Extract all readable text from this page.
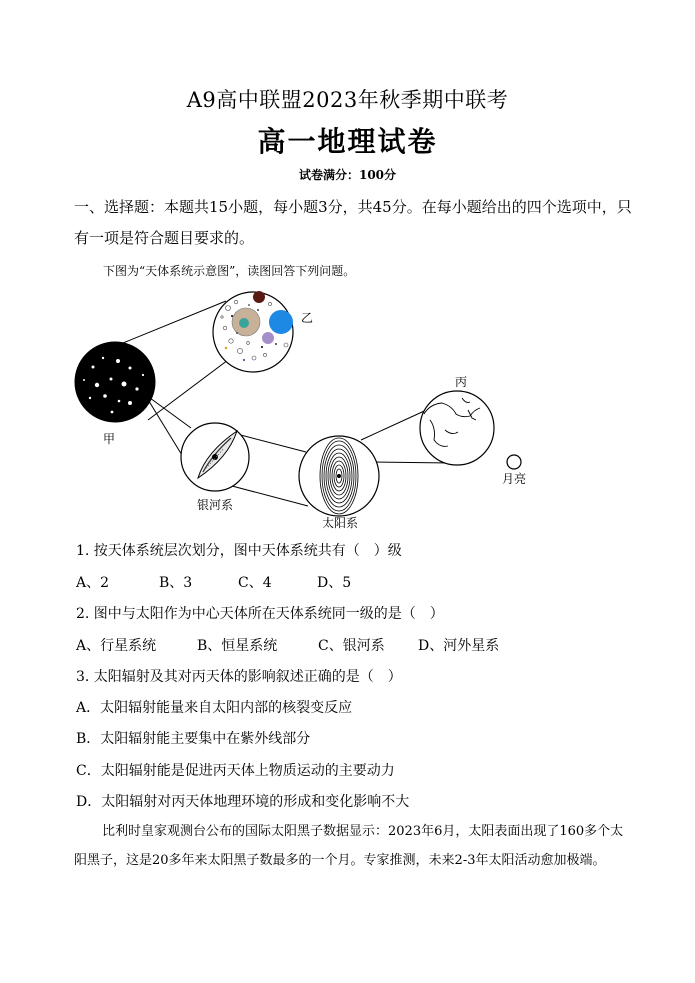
A9高中联盟2023年秋季期中联考
高一地理试卷
试卷满分：100分
一、选择题：本题共15小题，每小题3分，共45分。在每小题给出的四个选项中，只有一项是符合题目要求的。
下图为“天体系统示意图”，读图回答下列问题。
乙
甲
丙
银河系
太阳系
月亮
1. 按天体系统层次划分，图中天体系统共有（　）级
A、2	B、3	C、4	D、5
2. 图中与太阳作为中心天体所在天体系统同一级的是（　）
A、行星系统	B、恒星系统	C、银河系 D、河外星系
3. 太阳辐射及其对丙天体的影响叙述正确的是（　）
A．太阳辐射能量来自太阳内部的核裂变反应
B．太阳辐射能主要集中在紫外线部分
C．太阳辐射能是促进丙天体上物质运动的主要动力
D．太阳辐射对丙天体地理环境的形成和变化影响不大
比利时皇家观测台公布的国际太阳黑子数据显示：2023年6月，太阳表面出现了160多个太阳黑子，这是20多年来太阳黑子数最多的一个月。专家推测，未来2-3年太阳活动愈加极端。
